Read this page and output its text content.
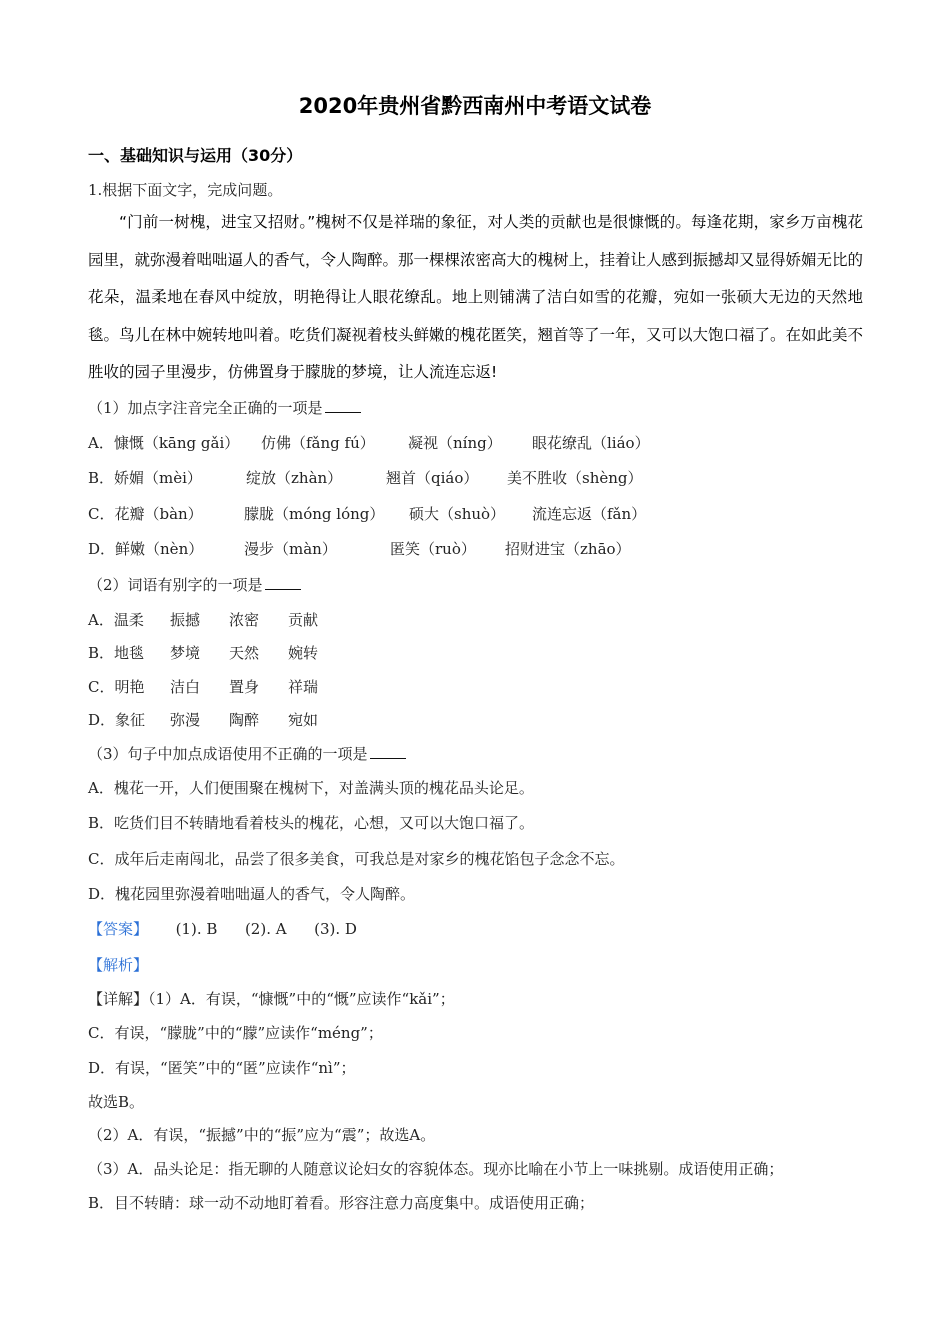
2020年贵州省黔西南州中考语文试卷
一、基础知识与运用（30分）
1.根据下面文字，完成问题。
“门前一树槐，进宝又招财。”槐树不仅是祥瑞的象征，对人类的贡献也是很慷慨的。每逢花期，家乡万亩槐花园里，就弥漫着咄咄逼人的香气，令人陶醉。那一棵棵浓密高大的槐树上，挂着让人感到振撼却又显得娇媚无比的花朵，温柔地在春风中绽放，明艳得让人眼花缭乱。地上则铺满了洁白如雪的花瓣，宛如一张硕大无边的天然地毯。鸟儿在林中婉转地叫着。吃货们凝视着枝头鲜嫩的槐花匿笑，翘首等了一年，又可以大饱口福了。在如此美不胜收的园子里漫步，仿佛置身于朦胧的梦境，让人流连忘返!
（1）加点字注音完全正确的一项是
A．慷慨（kāng gǎi） 仿佛（fǎng fú） 凝视（níng） 眼花缭乱（liáo）
B．娇媚（mèi）	绽放（zhàn）	翘首（qiáo） 美不胜收（shèng）
C．花瓣（bàn）	朦胧（móng lóng） 硕大（shuò） 流连忘返（fǎn）
D．鲜嫩（nèn）	漫步（màn）	匿笑（ruò） 招财进宝（zhāo）
（2）词语有别字的一项是
A．温柔 振撼 浓密 贡献
B．地毯 梦境 天然 婉转
C．明艳 洁白 置身 祥瑞
D．象征 弥漫 陶醉 宛如
（3）句子中加点成语使用不正确的一项是
A．槐花一开，人们便围聚在槐树下，对盖满头顶的槐花品头论足。
B．吃货们目不转睛地看着枝头的槐花，心想，又可以大饱口福了。
C．成年后走南闯北，品尝了很多美食，可我总是对家乡的槐花馅包子念念不忘。
D．槐花园里弥漫着咄咄逼人的香气，令人陶醉。
【答案】 (1). B (2). A (3). D
【解析】
【详解】（1）A．有误，“慷慨”中的“慨”应读作“kǎi”；
C．有误，“朦胧”中的“朦”应读作“méng”；
D．有误，“匿笑”中的“匿”应读作“nì”；
故选B。
（2）A．有误，“振撼”中的“振”应为“震”；故选A。
（3）A．品头论足：指无聊的人随意议论妇女的容貌体态。现亦比喻在小节上一味挑剔。成语使用正确；
B．目不转睛：球一动不动地盯着看。形容注意力高度集中。成语使用正确；
